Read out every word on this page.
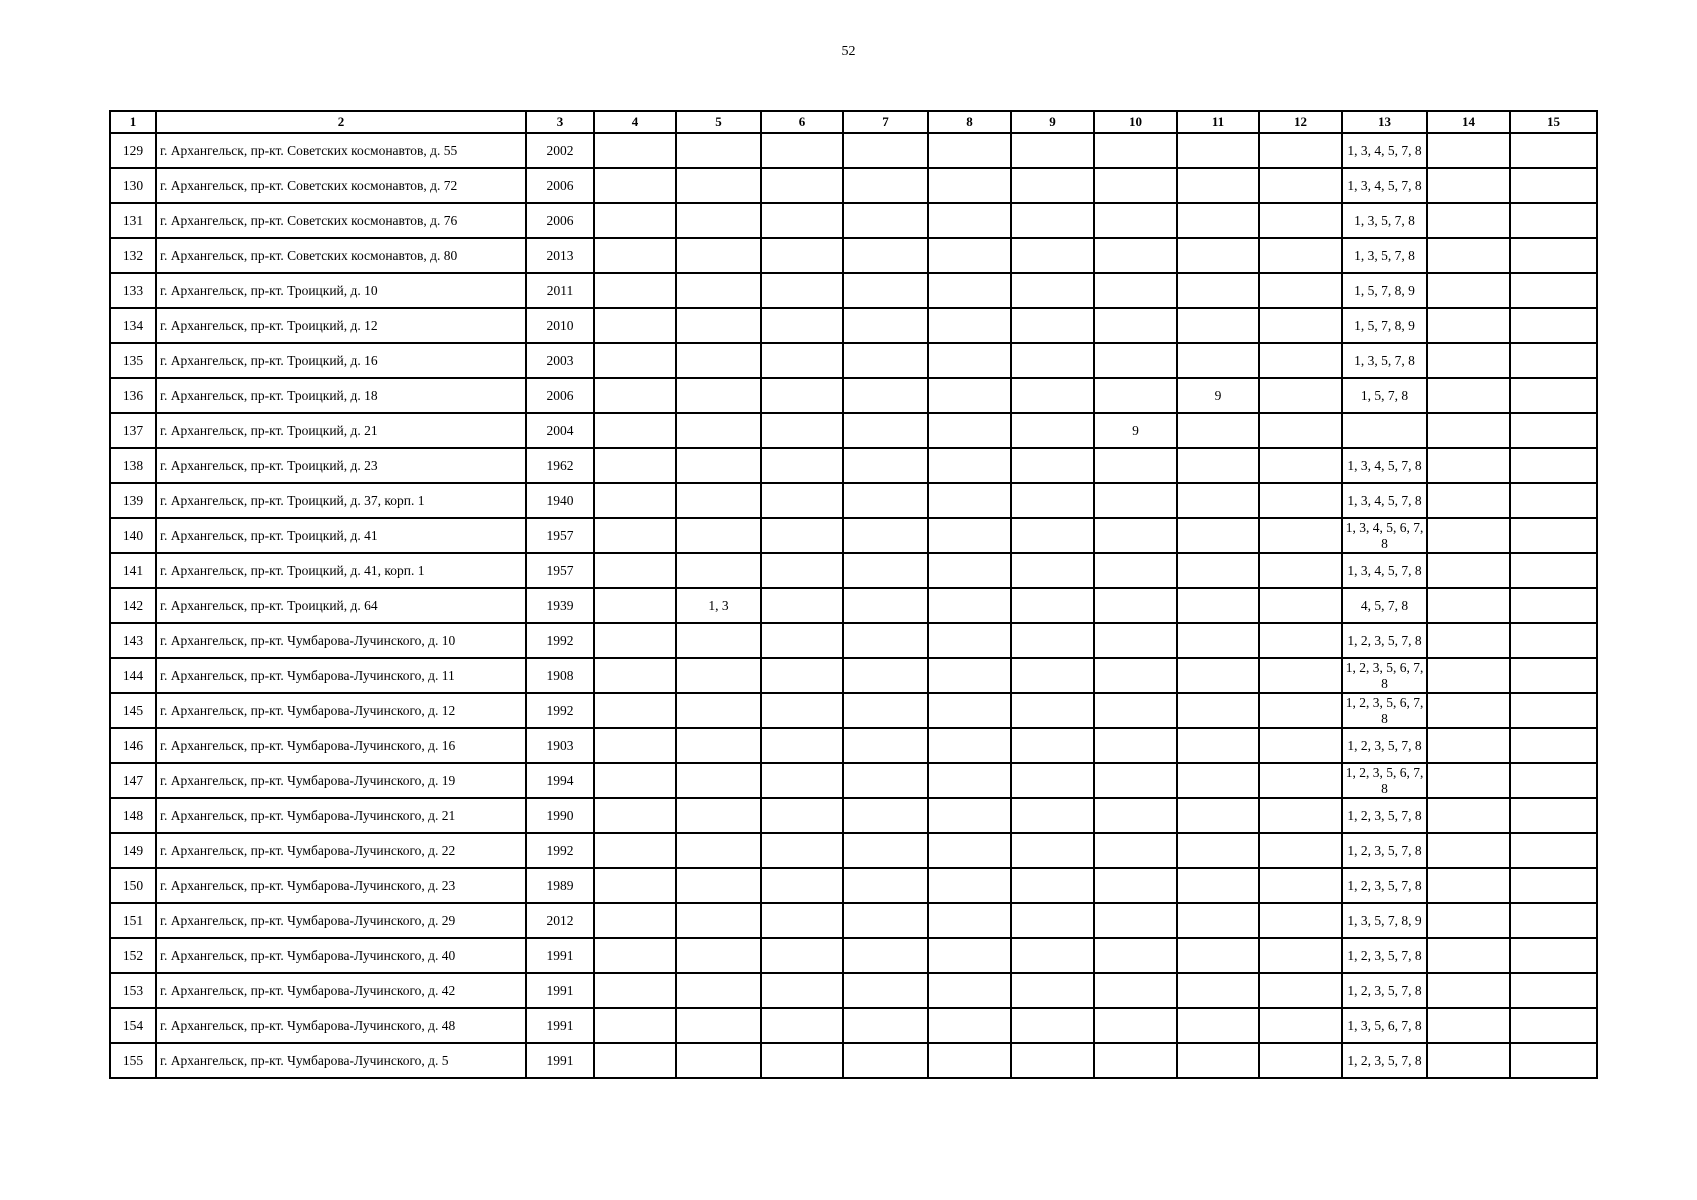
52
1	2	3	4	5	6	7	8	9	10	11	12	13	14	15
129	г. Архангельск, пр-кт. Советских космонавтов, д. 55	2002										1, 3, 4, 5, 7, 8		
130	г. Архангельск, пр-кт. Советских космонавтов, д. 72	2006										1, 3, 4, 5, 7, 8		
131	г. Архангельск, пр-кт. Советских космонавтов, д. 76	2006										1, 3, 5, 7, 8		
132	г. Архангельск, пр-кт. Советских космонавтов, д. 80	2013										1, 3, 5, 7, 8		
133	г. Архангельск, пр-кт. Троицкий, д. 10	2011										1, 5, 7, 8, 9		
134	г. Архангельск, пр-кт. Троицкий, д. 12	2010										1, 5, 7, 8, 9		
135	г. Архангельск, пр-кт. Троицкий, д. 16	2003										1, 3, 5, 7, 8		
136	г. Архангельск, пр-кт. Троицкий, д. 18	2006								9		1, 5, 7, 8		
137	г. Архангельск, пр-кт. Троицкий, д. 21	2004							9					
138	г. Архангельск, пр-кт. Троицкий, д. 23	1962										1, 3, 4, 5, 7, 8		
139	г. Архангельск, пр-кт. Троицкий, д. 37, корп. 1	1940										1, 3, 4, 5, 7, 8		
140	г. Архангельск, пр-кт. Троицкий, д. 41	1957										1, 3, 4, 5, 6, 7, 8		
141	г. Архангельск, пр-кт. Троицкий, д. 41, корп. 1	1957										1, 3, 4, 5, 7, 8		
142	г. Архангельск, пр-кт. Троицкий, д. 64	1939		1, 3								4, 5, 7, 8		
143	г. Архангельск, пр-кт. Чумбарова-Лучинского, д. 10	1992										1, 2, 3, 5, 7, 8		
144	г. Архангельск, пр-кт. Чумбарова-Лучинского, д. 11	1908										1, 2, 3, 5, 6, 7, 8		
145	г. Архангельск, пр-кт. Чумбарова-Лучинского, д. 12	1992										1, 2, 3, 5, 6, 7, 8		
146	г. Архангельск, пр-кт. Чумбарова-Лучинского, д. 16	1903										1, 2, 3, 5, 7, 8		
147	г. Архангельск, пр-кт. Чумбарова-Лучинского, д. 19	1994										1, 2, 3, 5, 6, 7, 8		
148	г. Архангельск, пр-кт. Чумбарова-Лучинского, д. 21	1990										1, 2, 3, 5, 7, 8		
149	г. Архангельск, пр-кт. Чумбарова-Лучинского, д. 22	1992										1, 2, 3, 5, 7, 8		
150	г. Архангельск, пр-кт. Чумбарова-Лучинского, д. 23	1989										1, 2, 3, 5, 7, 8		
151	г. Архангельск, пр-кт. Чумбарова-Лучинского, д. 29	2012										1, 3, 5, 7, 8, 9		
152	г. Архангельск, пр-кт. Чумбарова-Лучинского, д. 40	1991										1, 2, 3, 5, 7, 8		
153	г. Архангельск, пр-кт. Чумбарова-Лучинского, д. 42	1991										1, 2, 3, 5, 7, 8		
154	г. Архангельск, пр-кт. Чумбарова-Лучинского, д. 48	1991										1, 3, 5, 6, 7, 8		
155	г. Архангельск, пр-кт. Чумбарова-Лучинского, д. 5	1991										1, 2, 3, 5, 7, 8		
